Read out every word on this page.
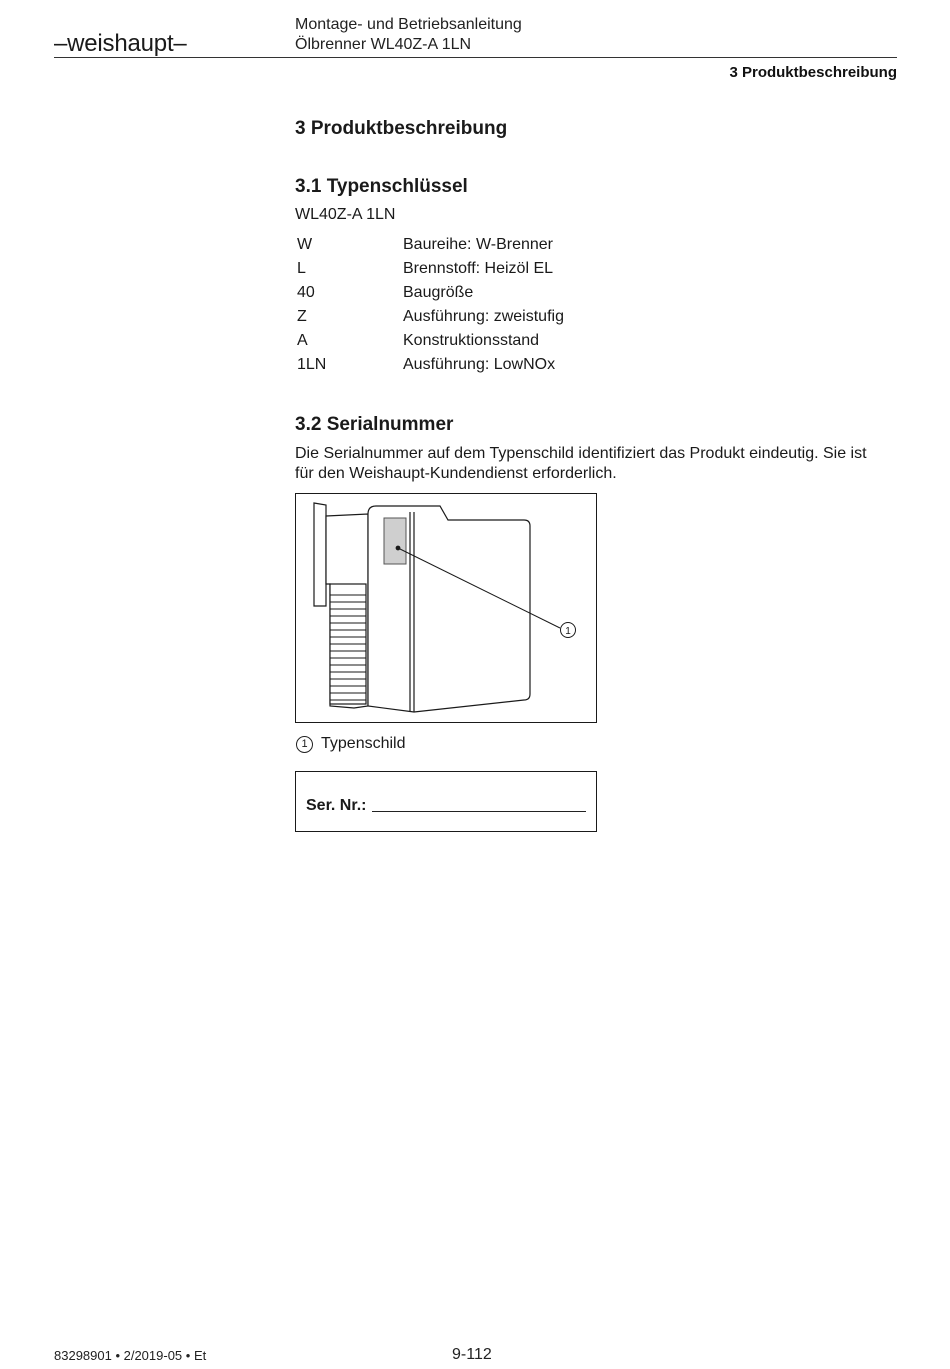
–weishaupt–
Montage- und Betriebsanleitung
Ölbrenner WL40Z-A 1LN
3 Produktbeschreibung
3 Produktbeschreibung
3.1 Typenschlüssel
WL40Z-A 1LN
W	Baureihe: W-Brenner
L	Brennstoff: Heizöl EL
40	Baugröße
Z	Ausführung: zweistufig
A	Konstruktionsstand
1LN	Ausführung: LowNOx
3.2 Serialnummer
Die Serialnummer auf dem Typenschild identifiziert das Produkt eindeutig. Sie ist
für den Weishaupt-Kundendienst erforderlich.
1
1 Typenschild
Ser. Nr.:
83298901 • 2/2019-05 • Et	9-112
